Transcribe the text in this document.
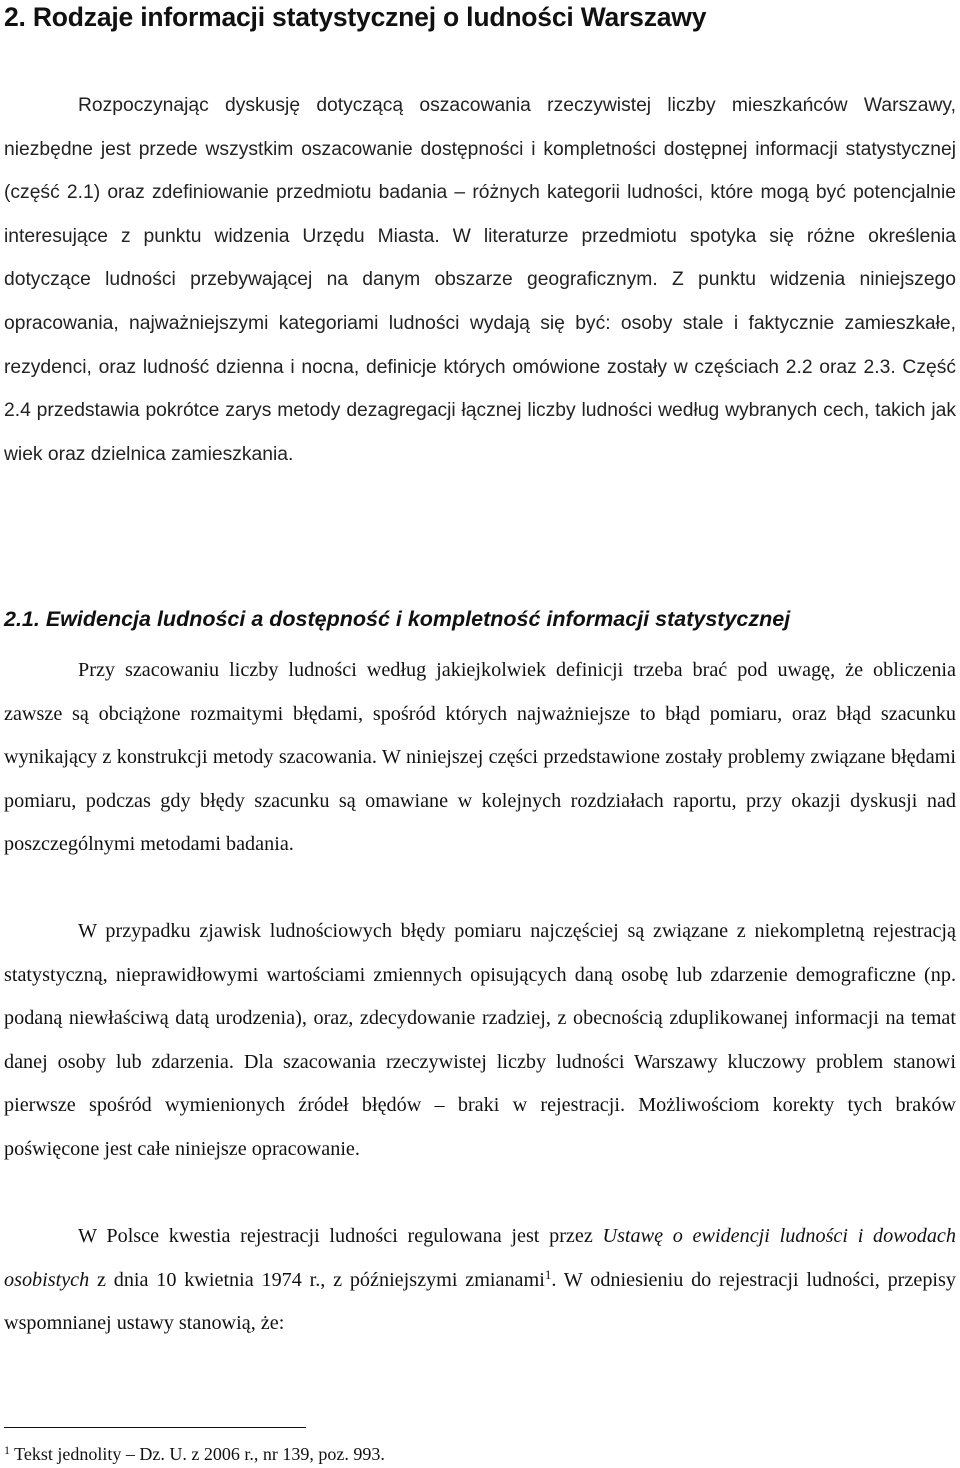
2. Rodzaje informacji statystycznej o ludności Warszawy

Rozpoczynając dyskusję dotyczącą oszacowania rzeczywistej liczby mieszkańców Warszawy, niezbędne jest przede wszystkim oszacowanie dostępności i kompletności dostępnej informacji statystycznej (część 2.1) oraz zdefiniowanie przedmiotu badania – różnych kategorii ludności, które mogą być potencjalnie interesujące z punktu widzenia Urzędu Miasta. W literaturze przedmiotu spotyka się różne określenia dotyczące ludności przebywającej na danym obszarze geograficznym. Z punktu widzenia niniejszego opracowania, najważniejszymi kategoriami ludności wydają się być: osoby stale i faktycznie zamieszkałe, rezydenci, oraz ludność dzienna i nocna, definicje których omówione zostały w częściach 2.2 oraz 2.3. Część 2.4 przedstawia pokrótce zarys metody dezagregacji łącznej liczby ludności według wybranych cech, takich jak wiek oraz dzielnica zamieszkania.

2.1. Ewidencja ludności a dostępność i kompletność informacji statystycznej

Przy szacowaniu liczby ludności według jakiejkolwiek definicji trzeba brać pod uwagę, że obliczenia zawsze są obciążone rozmaitymi błędami, spośród których najważniejsze to błąd pomiaru, oraz błąd szacunku wynikający z konstrukcji metody szacowania. W niniejszej części przedstawione zostały problemy związane błędami pomiaru, podczas gdy błędy szacunku są omawiane w kolejnych rozdziałach raportu, przy okazji dyskusji nad poszczególnymi metodami badania.

W przypadku zjawisk ludnościowych błędy pomiaru najczęściej są związane z niekompletną rejestracją statystyczną, nieprawidłowymi wartościami zmiennych opisujących daną osobę lub zdarzenie demograficzne (np. podaną niewłaściwą datą urodzenia), oraz, zdecydowanie rzadziej, z obecnością zduplikowanej informacji na temat danej osoby lub zdarzenia. Dla szacowania rzeczywistej liczby ludności Warszawy kluczowy problem stanowi pierwsze spośród wymienionych źródeł błędów – braki w rejestracji. Możliwościom korekty tych braków poświęcone jest całe niniejsze opracowanie.

W Polsce kwestia rejestracji ludności regulowana jest przez Ustawę o ewidencji ludności i dowodach osobistych z dnia 10 kwietnia 1974 r., z późniejszymi zmianami$^1$. W odniesieniu do rejestracji ludności, przepisy wspomnianej ustawy stanowią, że:

$^1$ Tekst jednolity – Dz. U. z 2006 r., nr 139, poz. 993.
